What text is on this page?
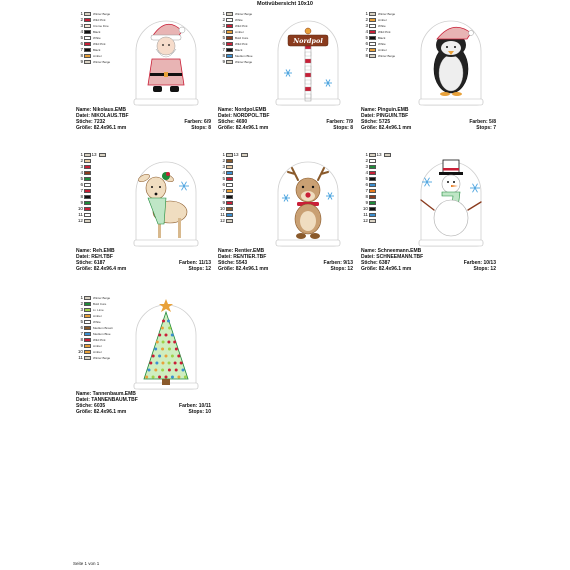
Motivübersicht 10x10
1	Winter Beige
2	Wild Pink
3	Crème Fine
4	Black
5	White
6	Wild Pink
7	Black
8	Amber
9	Winter Beige
Name: Nikolaus.EMB
Datei: NIKOLAUS.TBF
Stiche: 7232	Farben: 6/9
Größe: 82.4x96.1 mm	Stops: 8
1	Winter Beige
2	White
3	Wild Pink
4	Amber
5	Bold Cure
6	Wild Pink
7	Black
8	Medium Blue
9	Winter Beige
Nordpol
Name: Nordpol.EMB
Datei: NORDPOL.TBF
Stiche: 4690	Farben: 7/9
Größe: 82.4x96.1 mm	Stops: 8
1	Winter Beige
2	Amber
3	White
4	Wild Pink
5	Black
6	White
7	Amber
8	Winter Beige
Name: Pinguin.EMB
Datei: PINGUIN.TBF
Stiche: 5725	Farben: 5/8
Größe: 82.4x96.1 mm	Stops: 7
1 13
2
3
4
5
6
7
8
9
10
11
12
Name: Reh.EMB
Datei: REH.TBF
Stiche: 6187	Farben: 11/13
Größe: 82.4x96.4 mm	Stops: 12
1 13
2
3
4
5
6
7
8
9
10
11
12
Name: Rentier.EMB
Datei: RENTIER.TBF
Stiche: 5543	Farben: 9/13
Größe: 82.4x96.1 mm	Stops: 12
1 13
2
3
4
5
6
7
8
9
10
11
12
Name: Schneemann.EMB
Datei: SCHNEEMANN.TBF
Stiche: 6387	Farben: 10/13
Größe: 82.4x96.1 mm	Stops: 12
1	Winter Beige
2	Bold Cure
3	Lt. Lime
4	Amber
5	White
6	Medium Brown
7	Medium Blue
8	Wild Pink
9	Amber
10	Amber
11	Winter Beige
Name: Tannenbaum.EMB
Datei: TANNENBAUM.TBF
Stiche: 6035	Farben: 10/11
Größe: 82.4x96.1 mm	Stops: 10
Seite 1 von 1
